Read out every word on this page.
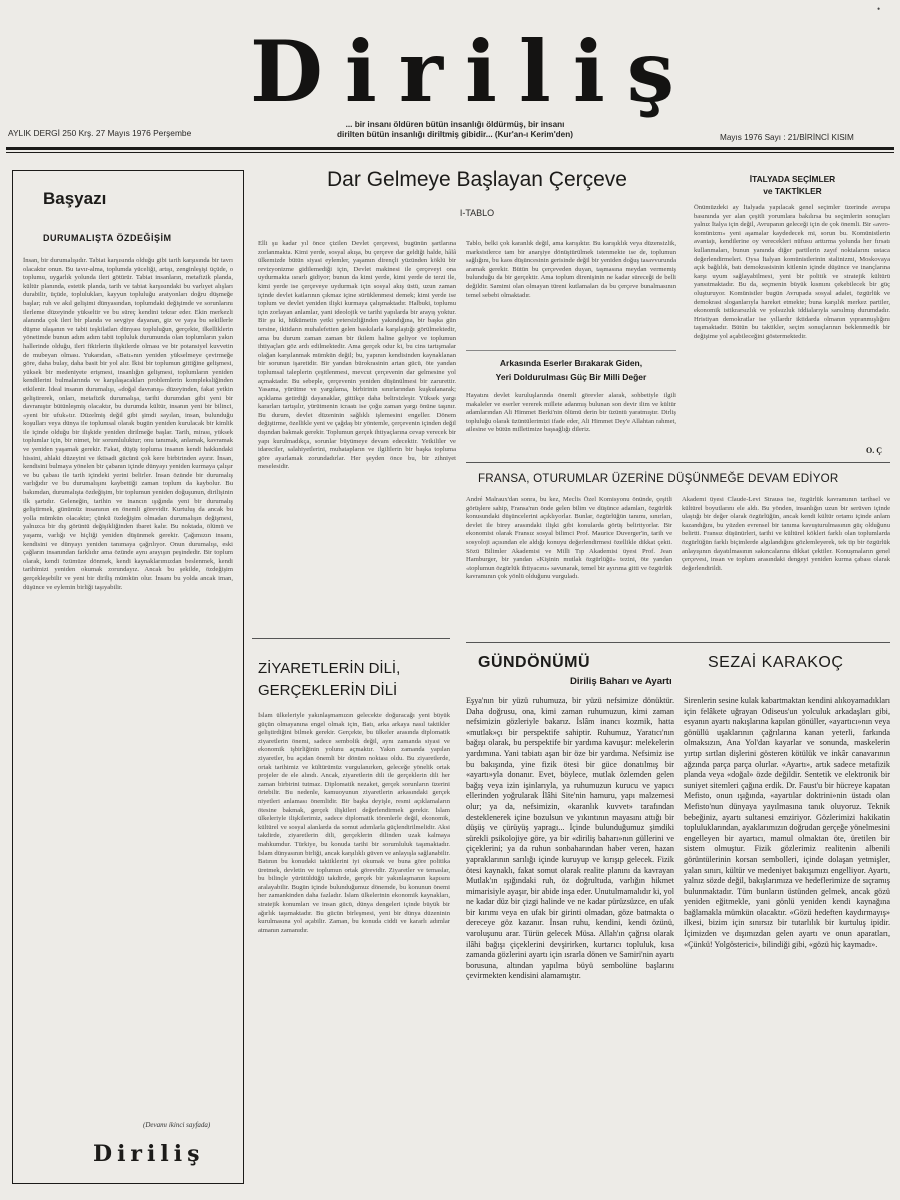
•
Diriliş
AYLIK DERGİ 250 Krş. 27 Mayıs 1976 Perşembe
... bir insanı öldüren bütün insanlığı öldürmüş, bir insanı
dirilten bütün insanlığı diriltmiş gibidir... (Kur'an-ı Kerim'den)	Mayıs 1976 Sayı : 21/BİRİNCİ KISIM
Başyazı
DURUMALIŞTA ÖZDEĞİŞİM
İnsan, bir durumalışıdır. Tabiat karşısında olduğu gibi tarih karşısında bir tavrı olacaktır onun. Bu tavır-alma, toplumda yüceliği, artışı, zenginleşişi üçüde, o toplumu, uygarlık yolunda ileri götürür. Tabiat insanların, metafizik planda, kültür planında, estetik planda, tarih ve tabiat karşısındaki bu varlıyet alışları durabilir, üçüde, toplulukları, kayyun topluluğu aratyonları doğru düşmeğe başlar; ruh ve akıl gelişimi dünyasından, toplumdaki değişimde ve sorunlarını ilerleme düzeyinde yükseltir ve bu süreç kendini tekrar eder. Ekin merkezli alanında çok ileri bir planda ve sevgiye dayanan, giz ve yaya bu sekillerle düşme ulaşanın ve tabii teşkilatları dünyası topluluğun, gerçekte, ilkelliklerin yönetimde bunun adım adım tabii topluluk durumunda olan toplumların yakın hallerinde olduğu, ileri fikirlerin ilişkilerde olması ve bir potansiyel kuvvetin de mubeyan olması. Yukarıdan, «Batı»nın yeniden yükselmeye çevirmeğe göre, daha bulay, daha basit bir yol alır. İkisi bir toplumun gittiğine gelişmesi, yüksek bir medeniyete erişmesi, insanlığın gelişmesi, toplumların yeniden kendilerini bulmalarında ve karşılaşacakları problemlerin kompleksliğinden etkilenir. İdeal insanın durumalışı, «doğal davranış» düzeyinden, fakat yetkin geliştirerek, onları, metafizik durumalışa, tarihi durumdan gibi yeni bir davranıştır bütünleşmiş olacaktır, bu durumda kültür, insanın yeni bir bilinci, «yeni bir ufuk»tır. Düzelmiş değil gibi şimdi sayılan, insan, bulunduğu koşulları veya dünya ile toplumsal olarak bugün yeniden kurulacak bir kimlik ile içinde olduğu bir ilişkide yeniden dirilmeğe başlar. Tarih, mirası, yüksek toplumlar için, bir nimet, bir sorumluluktur; onu tanımak, anlamak, kavramak ve yeniden yaşamak gerekir. Fakat, düşüş topluma insanın kendi hakkındaki hissini, ahlaki düzeyini ve iktisadi gücünü çok kere birbirinden ayırır. İnsan, kendisini bulmaya yönelen bir çabanın içinde dünyayı yeniden kurmaya çalışır ve bu çabası ile tarih içindeki yerini belirler. İnsan özünde bir durumalış varlığıdır ve bu durumalışını kaybettiği zaman toplum da kaybolur. Bu bakımdan, durumalışta özdeğişim, bir toplumun yeniden doğuşunun, dirilişinin ilk şartıdır. Geleneğin, tarihin ve inancın ışığında yeni bir durumalış geliştirmek, günümüz insanının en önemli görevidir. Kurtuluş da ancak bu yolla mümkün olacaktır; çünkü özdeğişim olmadan durumalışın değişmesi, yalnızca bir dış görüntü değişikliğinden ibaret kalır. Bu noktada, ölümü ve yaşamı, varlığı ve hiçliği yeniden düşünmek gerekir. Çağımızın insanı, kendisini ve dünyayı yeniden tanımaya çağrılıyor. Onun durumalışı, eski çağların insanından farklıdır ama özünde aynı arayışın peşindedir. Bir toplum olarak, kendi özümüze dönmek, kendi kaynaklarımızdan beslenmek, kendi tarihimizi yeniden okumak zorundayız. Ancak bu şekilde, özdeğişim gerçekleşebilir ve yeni bir diriliş mümkün olur. İnsanı bu yolda ancak iman, düşünce ve eylemin birliği taşıyabilir.
(Devamı ikinci sayfada)
Diriliş
Dar Gelmeye Başlayan Çerçeve
I-TABLO
Elli şu kadar yıl önce çizilen Devlet çerçevesi, bugünün şartlarına zorlanmakta. Kimi yerde, sosyal akışa, bu çerçeve dar geldiği halde, hâlâ ülkemizde bütün siyasi eylemler, yaşamın dirençli yüzünden köklü bir revizyonizme gidilemediği için, Devlet makinesi ile çerçeveyi ona uydurmakta ısrarlı gidiyor; bunun da kimi yerde, kimi yerde de terzi ile, kimi yerde ise çerçeveye uydurmak için sosyal akış üstü, uzun zaman içinde devlet katlarının çıkmaz içine sürüklenmesi demek; kimi yerde ise toplum ve devlet yeniden ilişki kurmaya çalışmaktadır. Halbuki, toplumu için zorlayan anlamlar, yani ideolojik ve tarihi yapılarda bir arayış yoktur. Bir şu ki, hükümetin yetki yetersizliğinden yakındığına, bir başka gün tersine, iktidarın muhalefetten gelen baskılarla karşılaştığı görülmektedir, ama bu durum zaman zaman bir ikilem haline geliyor ve toplumun ihtiyaçları göz ardı edilmektedir. Ama gerçek odur ki, bu cins tartışmalar olağan karşılanmak mümkün değil; bu, yapının kendisinden kaynaklanan bir sorunun işaretidir. Bir yandan bürokrasinin artan gücü, öte yandan toplumsal taleplerin çeşitlenmesi, mevcut çerçevenin dar gelmesine yol açmaktadır. Bu sebeple, çerçevenin yeniden düşünülmesi bir zarurettir. Yasama, yürütme ve yargılama, birbirinin sınırlarından kuşkulanarak; açıklama getirdiği dayanaklar, gittikçe daha belirsizleşir. Yüksek yargı kararları tartışılır, yürütmenin icraatı ise çoğu zaman yargı önüne taşınır. Bu durum, devlet düzeninin sağlıklı işlemesini engeller. Dönem değiştirme, özellikle yeni ve çağdaş bir yöntemle, çerçevenin içinden değil dışından bakmak gerekir. Toplumun gerçek ihtiyaçlarına cevap verecek bir yapı kurulmadıkça, sorunlar büyümeye devam edecektir. Yetkililer ve idareciler, salahiyetlerini, muhatapların ve ilgililerin bir başka topluma göre ayarlamak zorundadırlar. Her şeyden önce bu, bir zihniyet meselesidir.
Tablo, belki çok karanlık değil, ama karışıktır. Bu karışıklık veya düzensizlik, marksistlerce tam bir anarşiye dönüştürülmek istenmekte ise de, toplumun sağlığını, bu kaos düşüncesinin gerisinde değil bir yeniden doğuş tasavvurunda aramak gerekir. Bütün bu çerçeveden duyan, taşmasına meydan vermemiş bulunduğu da bir gerçektir. Ama toplum direnişinin ne kadar süreceği de belli değildir. Samimi olan olmayan türeni kutlamaları da bu çerçeve bunalmasının temel sebebi olmaktadır.
Arkasında Eserler Bırakarak Giden,
Yeri Doldurulması Güç Bir Milli Değer
Hayatını devlet kuruluşlarında önemli görevler alarak, sohbetiyle ilgili makaleler ve eserler vererek millete adanmış bulunan son devir ilim ve kültür adamlarından Ali Himmet Berki'nin ölümü derin bir üzüntü yaratmıştır. Dirliş topluluğu olarak üzüntülerimizi ifade eder, Ali Himmet Dey'e Allahtan rahmet, ailesine ve bütün milletimize başsağlığı dileriz.
İTALYADA SEÇİMLER
ve TAKTİKLER
Önümüzdeki ay İtalyada yapılacak genel seçimler üzerinde avrupa basınında yer alan çeşitli yorumlara bakılırsa bu seçimlerin sonuçları yalnız İtalya için değil, Avrupanın geleceği için de çok önemli. Bir «avro- komünizm» yeni aşamalar kaydedecek mi, sorun bu. Komünistlerin avantajı, kendilerine oy verecekleri nüfusu arttırma yolunda her fırsatı kullanmaları, bunun yanında diğer partilerin zayıf noktalarını ustaca değerlendirmeleri. Oysa İtalyan komünistlerinin stalinizmi, Moskovaya açık bağlılık, batı demokrasisinin kitlenin içinde düşünce ve inançlarına karşı uyum sağlayabilmesi, yeni bir politik ve stratejik kültürü yansıtmaktadır. Bu da, seçmenin büyük kısmını çekebilecek bir güç oluşturuyor. Komünistler bugün Avrupada sosyal adalet, özgürlük ve demokrasi sloganlarıyla hareket etmekte; buna karşılık merkez partiler, ekonomik istikrarsızlık ve yolsuzluk iddialarıyla sarsılmış durumdadır. Hristiyan demokratlar ise yıllardır iktidarda olmanın yıpranmışlığını taşımaktadır. Bütün bu taktikler, seçim sonuçlarının beklenmedik bir değişime yol açabileceğini göstermektedir.
O. Ç
FRANSA, OTURUMLAR ÜZERİNE DÜŞÜNMEĞE DEVAM EDİYOR
André Malraux'dan sonra, bu kez, Meclis Özel Komisyonu önünde, çeşitli görüşlere sahip, Fransa'nın önde gelen bilim ve düşünce adamları, özgürlük konusundaki düşüncelerini açıklıyorlar. Bunlar, özgürlüğün tanımı, sınırları, devlet ile birey arasındaki ilişki gibi konularda görüş belirtiyorlar. Bir ekonomist olarak Fransız sosyal bilimci Prof. Maurice Duverger'in, tarih ve sosyoloji açısından ele aldığı konuyu değerlendirmesi özellikle dikkat çekti. Sözü Bilimler Akademisi ve Milli Tıp Akademisi üyesi Prof. Jean Hamburger, bir yandan «Kişinin mutlak özgürlüğü» tezini, öte yandan «toplumun özgürlük ihtiyacını» savunarak, temel bir ayırıma gitti ve özgürlük kavramının çok yönlü olduğunu vurguladı.
Akademi üyesi Claude-Levi Strauss ise, özgürlük kavramının tarihsel ve kültürel boyutlarını ele aldı. Bu yönden, insanlığın uzun bir serüven içinde ulaştığı bir değer olarak özgürlüğün, ancak kendi kültür ortamı içinde anlam kazandığını, bu yüzden evrensel bir tanıma kavuşturulmasının güç olduğunu belirtti. Fransız düşünürleri, tarihi ve kültürel kökleri farklı olan toplumlarda özgürlüğün farklı biçimlerde algılandığını gözlemleyerek, tek tip bir özgürlük anlayışının dayatılmasının sakıncalarına dikkat çektiler. Konuşmaların genel çerçevesi, insan ve toplum arasındaki dengeyi yeniden kurma çabası olarak değerlendirildi.
ZİYARETLERİN DİLİ,
GERÇEKLERİN DİLİ
İslam ülkeleriyle yakınlaşmamızın gelecekte doğuracağı yeni büyük güçün olmayanına engel olmak için, Batı, arka arkaya nasıl taktikler geliştirdiğini bilmek gerekir. Gerçekte, bu ülkeler arasında diplomatik ziyaretlerin önemi, sadece sembolik değil, aynı zamanda siyasi ve ekonomik işbirliğinin yolunu açmaktır. Yakın zamanda yapılan ziyaretler, bu açıdan önemli bir dönüm noktası oldu. Bu ziyaretlerde, ortak tarihimiz ve kültürümüz vurgulanırken, geleceğe yönelik ortak projeler de ele alındı. Ancak, ziyaretlerin dili ile gerçeklerin dili her zaman birbirini tutmaz. Diplomatik nezaket, gerçek sorunların üzerini örtebilir. Bu nedenle, kamuoyunun ziyaretlerin arkasındaki gerçek niyetleri anlaması önemlidir. Bir başka deyişle, resmi açıklamaların ötesine bakmak, gerçek ilişkileri değerlendirmek gerekir. İslam ülkeleriyle ilişkilerimiz, sadece diplomatik törenlerle değil, ekonomik, kültürel ve sosyal alanlarda da somut adımlarla güçlendirilmelidir. Aksi takdirde, ziyaretlerin dili, gerçeklerin dilinden uzak kalmaya mahkumdur. Türkiye, bu konuda tarihi bir sorumluluk taşımaktadır. İslam dünyasının birliği, ancak karşılıklı güven ve anlayışla sağlanabilir. Batının bu konudaki taktiklerini iyi okumak ve buna göre politika üretmek, devletin ve toplumun ortak görevidir. Ziyaretler ve temaslar, bu bilinçle yürütüldüğü takdirde, gerçek bir yakınlaşmanın kapısını aralayabilir. Bugün içinde bulunduğumuz dönemde, bu konunun önemi her zamankinden daha fazladır. İslam ülkelerinin ekonomik kaynakları, stratejik konumları ve insan gücü, dünya dengeleri içinde büyük bir ağırlık taşımaktadır. Bu gücün birleşmesi, yeni bir dünya düzeninin kurulmasına yol açabilir. Zaman, bu konuda ciddi ve kararlı adımlar atmanın zamanıdır.
GÜNDÖNÜMÜ	SEZAİ KARAKOÇ
Diriliş Baharı ve Ayartı
Eşya'nın bir yüzü ruhumuza, bir yüzü nefsimize dönüktür. Daha doğrusu, ona, kimi zaman ruhumuzun, kimi zaman nefsimizin gözleriyle bakarız. İslâm inancı kozmik, hatta «mutlak»çı bir perspektife sahiptir. Ruhumuz, Yaratıcı'nın bağışı olarak, bu perspektife bir yardıma kavuşur: melekelerin yardımına. Yani tabiatı aşan bir öze bir yardıma. Nefsimiz ise bu bakışında, yine fizik ötesi bir güce donatılmış bir «ayartı»yla donanır. Evet, böylece, mutlak özlemden gelen bağış veya izin işinlarıyla, ya ruhumuzun kurucu ve yapıcı ellerinden yoğrularak İlâhi Site'nin hamuru, yapı malzemesi olur; ya da, nefsimizin, «karanlık kuvvet» tarafından desteklenerek içine bozulsun ve yıkıntının mayasını attığı bir düşüş ve çürüyüş yapragı... İçinde bulunduğumuz şimdiki sürekli psikolojiye göre, ya bir «diriliş baharı»nın güllerini ve çiçeklerini; ya da ruhun sonbaharından haber veren, hazan yapraklarının sarılığı içinde kuruyup ve kırışıp gelecek. Fizik ötesi kaynaklı, fakat somut olarak realite planını da kavrayan Mutlak'ın ışığındaki ruh, öz doğrultuda, varlığın hikmet mimarisiyle ayaşır, bir abide inşa eder. Unutulmamalıdır ki, yol ne kadar düz bir çizgi halinde ve ne kadar pürüzsüzce, en ufak bir kırımı veya en ufak bir girinti olmadan, göze batmakta o dereceye göz kazanır. İnsan ruhu, kendini, kendi özünü, varoluşunu arar. Türün gelecek Müsa. Allah'ın çağrısı olarak ilâhi bağışı çiçeklerini devşirirken, kurtarıcı topluluk, kısa zamanda gözlerini ayartı için ısrarla dönen ve Samiri'nin ayartı borusuna, altından yapılma büyü sembolüne başlarını çevirmekten kendisini alamamıştır.
Sirenlerin sesine kulak kabartmaktan kendini alıkoyamadıkları için felâkete uğrayan Odiseus'un yolculuk arkadaşları gibi, esyanın ayartı nakışlarına kapılan gönüller, «ayartıcı»nın veya gönüllü uşaklarının çağrılarına kanan yeterli, farkında olmaksızın, Ana Yol'dan kayarlar ve sonunda, maskelerin yırtıp sırtlan dişlerini gösteren kötülük ve inkâr canavarının ağzında parça parça olurlar. «Ayartı», artık sadece metafizik planda veya «doğal» özde değildir. Sentetik ve elektronik bir suniyet sitemleri çağına erdik. Dr. Faust'u bir hücreye kapatan Mefisto, onun ışığında, «ayartılar doktrini»nin üstadı olan Mefisto'nun dünyaya yayılmasına tanık oluyoruz. Teknik bebeğiniz, ayartı sultanesi emziriyor. Gözlerimizi hakikatin topluluklarından, ayaklarımızın doğrudan gerçeğe yönelmesini engelleyen bir ayartıcı, mamul olmaktan öte, üretilen bir sistem olmuştur. Fizik gözlerimiz realitenin albenili görüntülerinin korsan sembolleri, içinde dolaşan yetmişler, yalan sınırı, kültür ve medeniyet bakışımızı engelliyor. Ayartı, yalnız sözde değil, bakışlarımıza ve hedeflerimize de sıçramış bulunmaktadır. Tüm bunların üstünden gelmek, ancak gözü yeniden eğitmekle, yani gönlü yeniden kendi kaynağına bağlamakla mümkün olacaktır. «Gözü hedeften kaydırmayış» ilkesi, bizim için sınırsız bir tutarlılık bir kurtuluş ipidir. İçimizden ve dışımızdan gelen ayartı ve onun aparatları, «Çünkü! Yolgösterici», bilindiği gibi, «gözü hiç kaymadı».
